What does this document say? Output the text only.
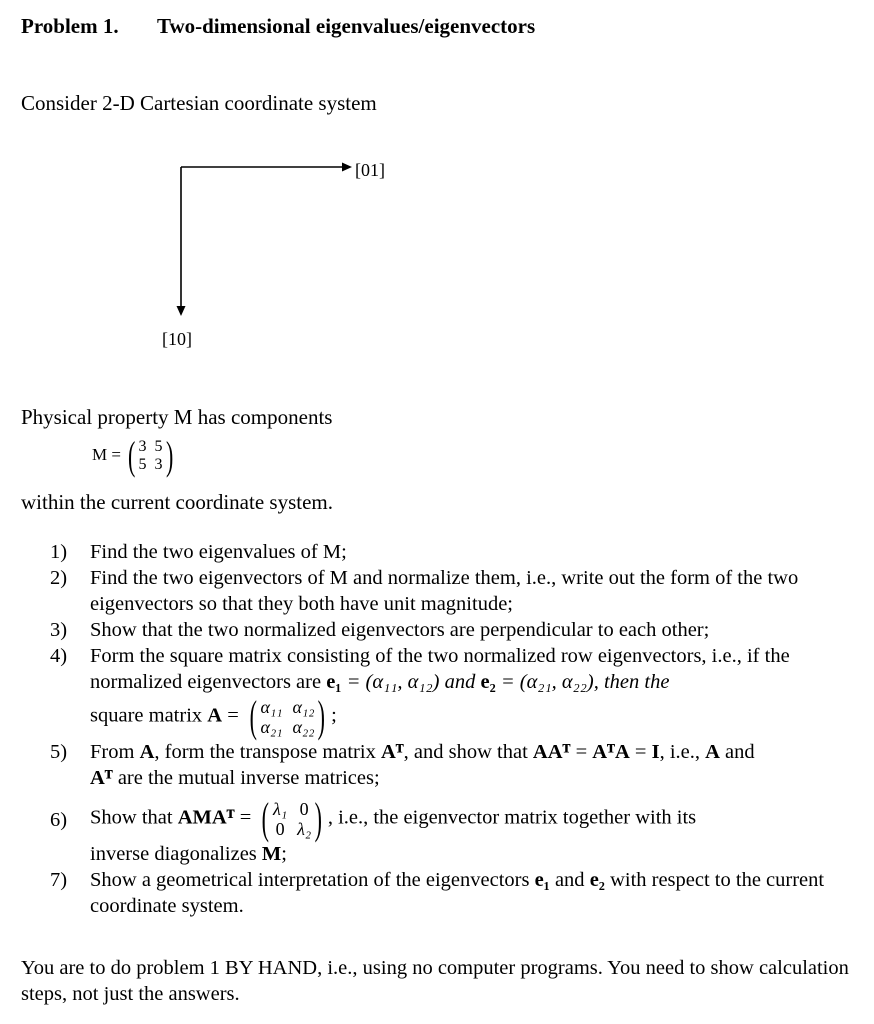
Problem 1. Two-dimensional eigenvalues/eigenvectors
Consider 2-D Cartesian coordinate system
[01]
[10]
Physical property M has components
M = ( 3 5
5 3 )
within the current coordinate system.
1) Find the two eigenvalues of M;
2) Find the two eigenvectors of M and normalize them, i.e., write out the form of the two eigenvectors so that they both have unit magnitude;
3) Show that the two normalized eigenvectors are perpendicular to each other;
4) Form the square matrix consisting of the two normalized row eigenvectors, i.e., if the normalized eigenvectors are e₁ = (α₁₁, α₁₂) and e₂ = (α₂₁, α₂₂), then the
square matrix A = ( α₁₁ α₁₂
α₂₁ α₂₂ ) ;
5) From A, form the transpose matrix Aᵀ, and show that AAᵀ = AᵀA = I, i.e., A and
Aᵀ are the mutual inverse matrices;
6) Show that AMAᵀ = ( λ₁ 0
0 λ₂ ) , i.e., the eigenvector matrix together with its
inverse diagonalizes M;
7) Show a geometrical interpretation of the eigenvectors e₁ and e₂ with respect to the current coordinate system.
You are to do problem 1 BY HAND, i.e., using no computer programs. You need to show calculation steps, not just the answers.
